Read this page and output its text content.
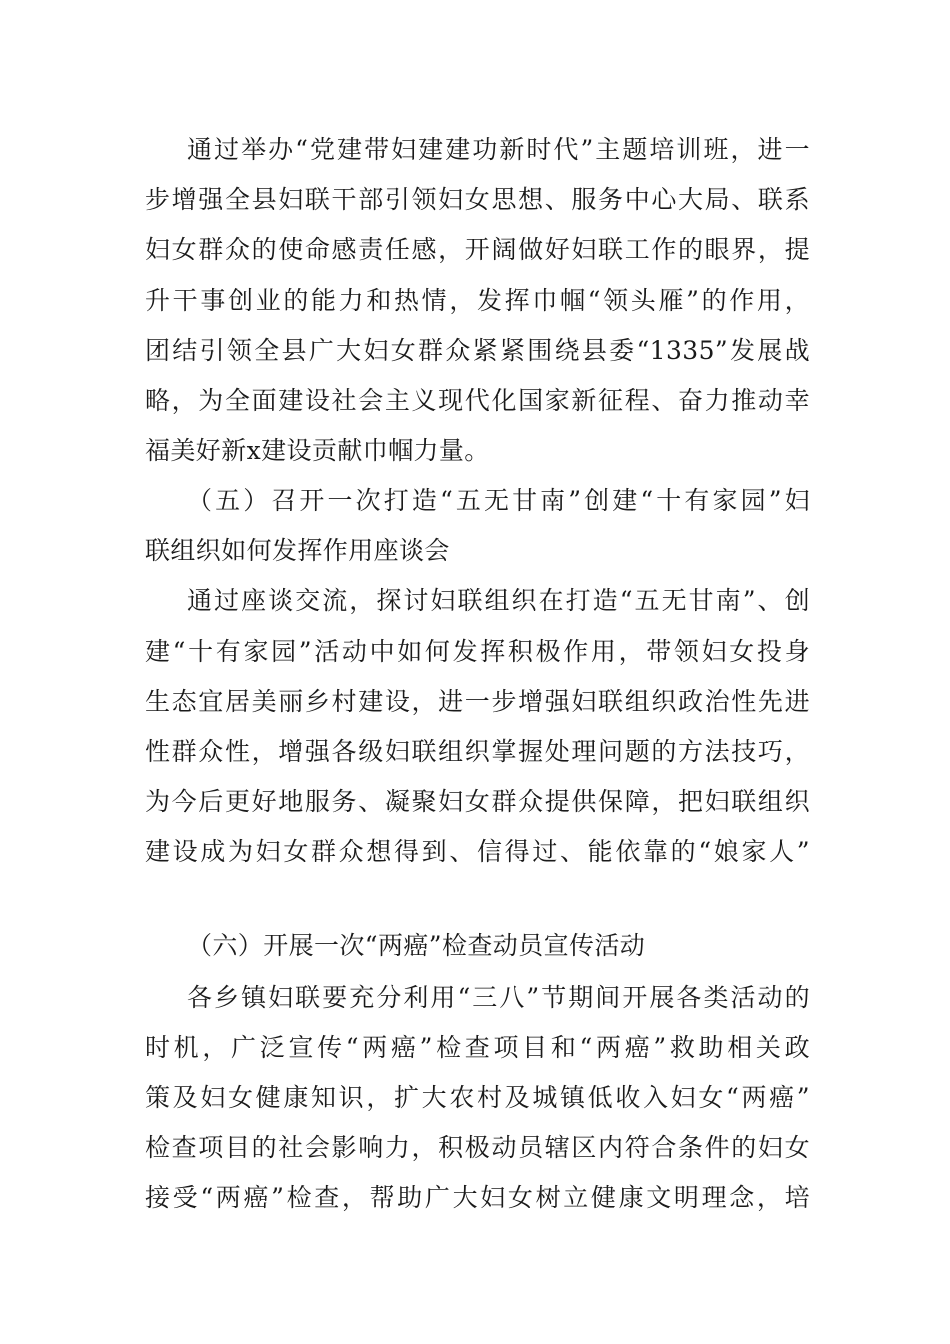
通过举办“党建带妇建建功新时代”主题培训班，进一

步增强全县妇联干部引领妇女思想、服务中心大局、联系

妇女群众的使命感责任感，开阔做好妇联工作的眼界，提

升干事创业的能力和热情，发挥巾帼“领头雁”的作用，

团结引领全县广大妇女群众紧紧围绕县委“1335”发展战

略，为全面建设社会主义现代化国家新征程、奋力推动幸

福美好新x建设贡献巾帼力量。

（五）召开一次打造“五无甘南”创建“十有家园”妇

联组织如何发挥作用座谈会

通过座谈交流，探讨妇联组织在打造“五无甘南”、创

建“十有家园”活动中如何发挥积极作用，带领妇女投身

生态宜居美丽乡村建设，进一步增强妇联组织政治性先进

性群众性，增强各级妇联组织掌握处理问题的方法技巧，

为今后更好地服务、凝聚妇女群众提供保障，把妇联组织

建设成为妇女群众想得到、信得过、能依靠的“娘家人”

（六）开展一次“两癌”检查动员宣传活动

各乡镇妇联要充分利用“三八”节期间开展各类活动的

时机，广泛宣传“两癌”检查项目和“两癌”救助相关政

策及妇女健康知识，扩大农村及城镇低收入妇女“两癌”

检查项目的社会影响力，积极动员辖区内符合条件的妇女

接受“两癌”检查，帮助广大妇女树立健康文明理念，培
